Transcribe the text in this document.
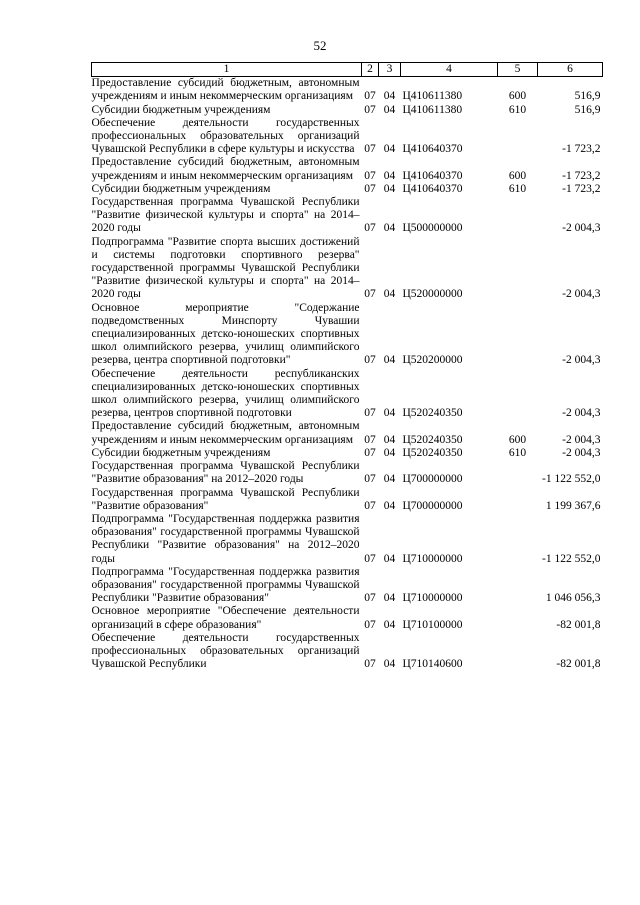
52
1	2	3	4	5	6
Предоставление субсидий бюджетным, автономным учреждениям и иным некоммерческим организациям	07	04	Ц410611380	600	516,9
Субсидии бюджетным учреждениям	07	04	Ц410611380	610	516,9
Обеспечение деятельности государственных профессиональных образовательных организаций Чувашской Республики в сфере культуры и искусства	07	04	Ц410640370		-1 723,2
Предоставление субсидий бюджетным, автономным учреждениям и иным некоммерческим организациям	07	04	Ц410640370	600	-1 723,2
Субсидии бюджетным учреждениям	07	04	Ц410640370	610	-1 723,2
Государственная программа Чувашской Республики "Развитие физической культуры и спорта" на 2014–2020 годы	07	04	Ц500000000		-2 004,3
Подпрограмма "Развитие спорта высших достижений и системы подготовки спортивного резерва" государственной программы Чувашской Республики "Развитие физической культуры и спорта" на 2014–2020 годы	07	04	Ц520000000		-2 004,3
Основное мероприятие "Содержание подведомственных Минспорту Чувашии специализированных детско-юношеских спортивных школ олимпийского резерва, училищ олимпийского резерва, центра спортивной подготовки"	07	04	Ц520200000		-2 004,3
Обеспечение деятельности республиканских специализированных детско-юношеских спортивных школ олимпийского резерва, училищ олимпийского резерва, центров спортивной подготовки	07	04	Ц520240350		-2 004,3
Предоставление субсидий бюджетным, автономным учреждениям и иным некоммерческим организациям	07	04	Ц520240350	600	-2 004,3
Субсидии бюджетным учреждениям	07	04	Ц520240350	610	-2 004,3
Государственная программа Чувашской Республики "Развитие образования" на 2012–2020 годы	07	04	Ц700000000		-1 122 552,0
Государственная программа Чувашской Республики "Развитие образования"	07	04	Ц700000000		1 199 367,6
Подпрограмма "Государственная поддержка развития образования" государственной программы Чувашской Республики "Развитие образования" на 2012–2020 годы	07	04	Ц710000000		-1 122 552,0
Подпрограмма "Государственная поддержка развития образования" государственной программы Чувашской Республики "Развитие образования"	07	04	Ц710000000		1 046 056,3
Основное мероприятие "Обеспечение деятельности организаций в сфере образования"	07	04	Ц710100000		-82 001,8
Обеспечение деятельности государственных профессиональных образовательных организаций Чувашской Республики	07	04	Ц710140600		-82 001,8
